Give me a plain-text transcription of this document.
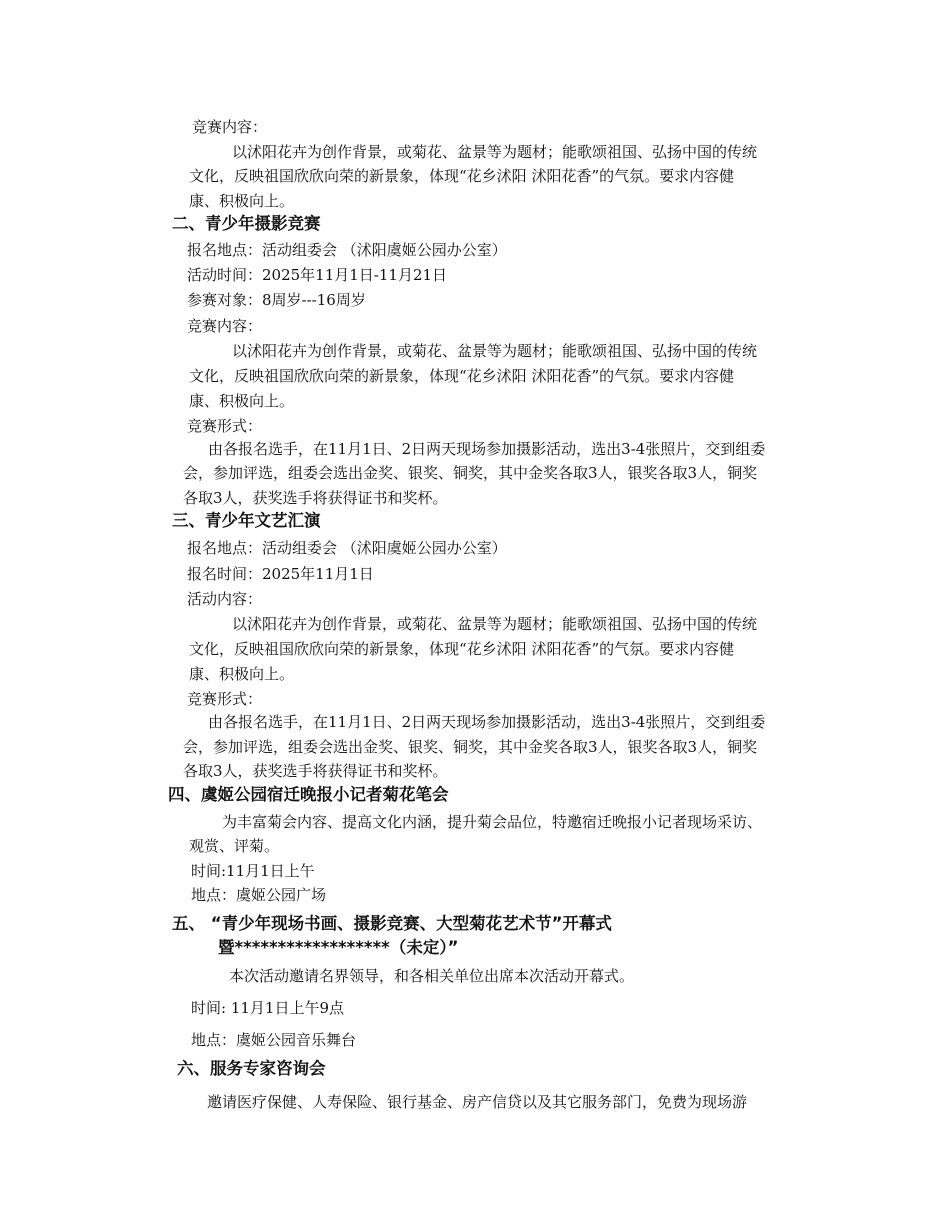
竞赛内容：
以沭阳花卉为创作背景，或菊花、盆景等为题材；能歌颂祖国、弘扬中国的传统
文化，反映祖国欣欣向荣的新景象，体现“花乡沭阳 沭阳花香”的气氛。要求内容健
康、积极向上。
二、青少年摄影竞赛
报名地点：活动组委会 （沭阳虞姬公园办公室）
活动时间：2025年11月1日-11月21日
参赛对象：8周岁---16周岁
竞赛内容：
以沭阳花卉为创作背景，或菊花、盆景等为题材；能歌颂祖国、弘扬中国的传统
文化，反映祖国欣欣向荣的新景象，体现“花乡沭阳 沭阳花香”的气氛。要求内容健
康、积极向上。
竞赛形式：
由各报名选手，在11月1日、2日两天现场参加摄影活动，选出3-4张照片，交到组委
会，参加评选，组委会选出金奖、银奖、铜奖，其中金奖各取3人，银奖各取3人，铜奖
各取3人，获奖选手将获得证书和奖杯。
三、青少年文艺汇演
报名地点：活动组委会 （沭阳虞姬公园办公室）
报名时间：2025年11月1日
活动内容：
以沭阳花卉为创作背景，或菊花、盆景等为题材；能歌颂祖国、弘扬中国的传统
文化，反映祖国欣欣向荣的新景象，体现“花乡沭阳 沭阳花香”的气氛。要求内容健
康、积极向上。
竞赛形式：
由各报名选手，在11月1日、2日两天现场参加摄影活动，选出3-4张照片，交到组委
会，参加评选，组委会选出金奖、银奖、铜奖，其中金奖各取3人，银奖各取3人，铜奖
各取3人，获奖选手将获得证书和奖杯。
四、虞姬公园宿迁晚报小记者菊花笔会
为丰富菊会内容、提高文化内涵，提升菊会品位，特邀宿迁晚报小记者现场采访、
观赏、评菊。
时间:11月1日上午
地点：虞姬公园广场
五、 “青少年现场书画、摄影竞赛、大型菊花艺术节”开幕式
暨******************（未定）”
本次活动邀请名界领导，和各相关单位出席本次活动开幕式。
时间: 11月1日上午9点
地点：虞姬公园音乐舞台
六、服务专家咨询会
邀请医疗保健、人寿保险、银行基金、房产信贷以及其它服务部门，免费为现场游
